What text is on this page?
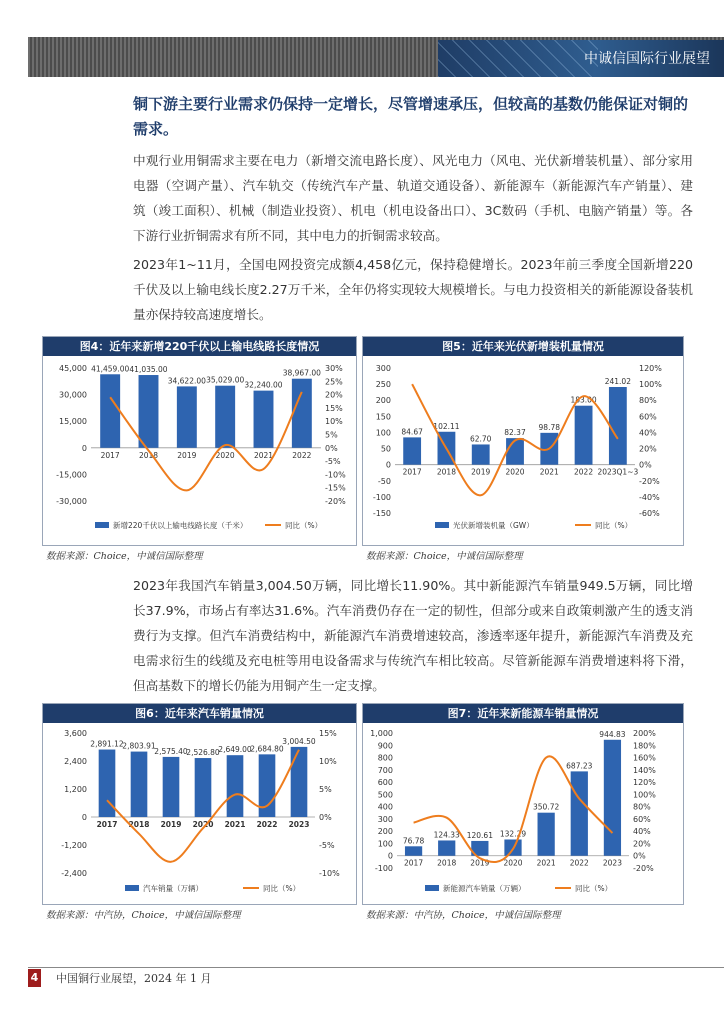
中诚信国际行业展望
铜下游主要行业需求仍保持一定增长，尽管增速承压，但较高的基数仍能保证对铜的需求。
中观行业用铜需求主要在电力（新增交流电路长度）、风光电力（风电、光伏新增装机量）、部分家用电器（空调产量）、汽车轨交（传统汽车产量、轨道交通设备）、新能源车（新能源汽车产销量）、建筑（竣工面积）、机械（制造业投资）、机电（机电设备出口）、3C数码（手机、电脑产销量）等。各下游行业折铜需求有所不同，其中电力的折铜需求较高。
2023年1~11月，全国电网投资完成额4,458亿元，保持稳健增长。2023年前三季度全国新增220千伏及以上输电线长度2.27万千米，全年仍将实现较大规模增长。与电力投资相关的新能源设备装机量亦保持较高速度增长。
图4：近年来新增220千伏以上输电线路长度情况
45,000
30,000
15,000
0
-15,000
-30,000
30%
25%
20%
15%
10%
5%
0%
-5%
-10%
-15%
-20%
41,459.00
2017
41,035.00
2018
34,622.00
2019
35,029.00
2020
32,240.00
2021
38,967.00
2022
新增220千伏以上输电线路长度（千米）	同比（%）
图5：近年来光伏新增装机量情况
300
250
200
150
100
50
0
-50
-100
-150
120%
100%
80%
60%
40%
20%
0%
-20%
-40%
-60%
84.67
2017
102.11
2018
62.70
2019
82.37
2020
98.78
2021
183.00
2022
241.02
2023Q1~3
光伏新增装机量（GW）	同比（%）
数据来源：Choice，中诚信国际整理	数据来源：Choice，中诚信国际整理
2023年我国汽车销量3,004.50万辆，同比增长11.90%。其中新能源汽车销量949.5万辆，同比增长37.9%，市场占有率达31.6%。汽车消费仍存在一定的韧性，但部分或来自政策刺激产生的透支消费行为支撑。但汽车消费结构中，新能源汽车消费增速较高，渗透率逐年提升，新能源汽车消费及充电需求衍生的线缆及充电桩等用电设备需求与传统汽车相比较高。尽管新能源车消费增速料将下滑，但高基数下的增长仍能为用铜产生一定支撑。
图6：近年来汽车销量情况
3,600
2,400
1,200
0
-1,200
-2,400
15%
10%
5%
0%
-5%
-10%
2,891.12
2017
2,803.91
2018
2,575.40
2019
2,526.80
2020
2,649.00
2021
2,684.80
2022
3,004.50
2023
汽车销量（万辆）	同比（%）
图7：近年来新能源车销量情况
1,000
900
800
700
600
500
400
300
200
100
0
-100
200%
180%
160%
140%
120%
100%
80%
60%
40%
20%
0%
-20%
76.78
2017
124.33
2018
120.61
2019
132.29
2020
350.72
2021
687.23
2022
944.83
2023
新能源汽车销量（万辆）	同比（%）
数据来源：中汽协，Choice，中诚信国际整理	数据来源：中汽协，Choice，中诚信国际整理
4 中国铜行业展望，2024 年 1 月
